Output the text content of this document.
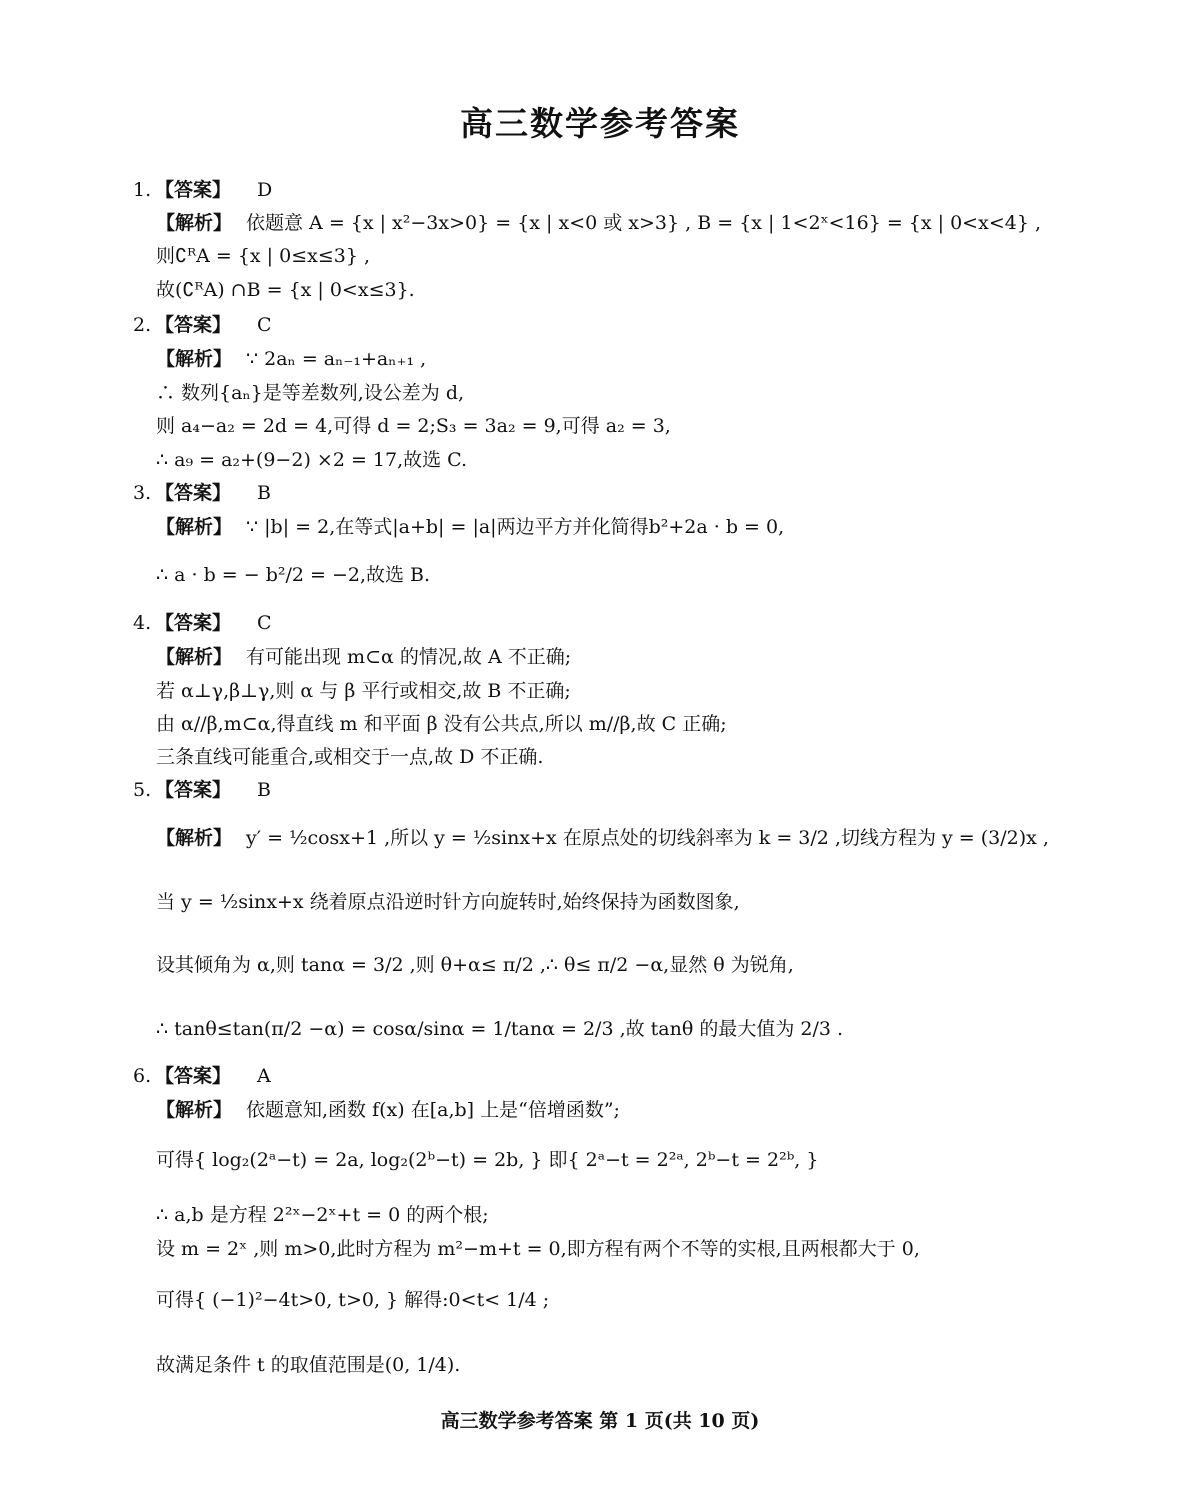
高三数学参考答案
1. 【答案】 D
【解析】 依题意 A = {x | x²−3x>0} = {x | x<0 或 x>3} , B = {x | 1<2ˣ<16} = {x | 0<x<4} ,
则∁ᴿA = {x | 0≤x≤3} ,
故(∁ᴿA) ∩B = {x | 0<x≤3}.
2. 【答案】 C
【解析】 ∵ 2aₙ = aₙ₋₁+aₙ₊₁ ,
∴ 数列{aₙ}是等差数列,设公差为 d,
则 a₄−a₂ = 2d = 4,可得 d = 2;S₃ = 3a₂ = 9,可得 a₂ = 3,
∴ a₉ = a₂+(9−2) ×2 = 17,故选 C.
3. 【答案】 B
【解析】 ∵ |b| = 2,在等式|a+b| = |a|两边平方并化简得b²+2a · b = 0,
∴ a · b = − b²/2 = −2,故选 B.
4. 【答案】 C
【解析】 有可能出现 m⊂α 的情况,故 A 不正确;
若 α⊥γ,β⊥γ,则 α 与 β 平行或相交,故 B 不正确;
由 α//β,m⊂α,得直线 m 和平面 β 没有公共点,所以 m//β,故 C 正确;
三条直线可能重合,或相交于一点,故 D 不正确.
5. 【答案】 B
【解析】 y′ = ½cosx+1 ,所以 y = ½sinx+x 在原点处的切线斜率为 k = 3/2 ,切线方程为 y = (3/2)x ,
当 y = ½sinx+x 绕着原点沿逆时针方向旋转时,始终保持为函数图象,
设其倾角为 α,则 tanα = 3/2 ,则 θ+α≤ π/2 ,∴ θ≤ π/2 −α,显然 θ 为锐角,
∴ tanθ≤tan(π/2 −α) = cosα/sinα = 1/tanα = 2/3 ,故 tanθ 的最大值为 2/3 .
6. 【答案】 A
【解析】 依题意知,函数 f(x) 在[a,b] 上是“倍增函数”;
可得{ log₂(2ᵃ−t) = 2a, log₂(2ᵇ−t) = 2b, } 即{ 2ᵃ−t = 2²ᵃ, 2ᵇ−t = 2²ᵇ, }
∴ a,b 是方程 2²ˣ−2ˣ+t = 0 的两个根;
设 m = 2ˣ ,则 m>0,此时方程为 m²−m+t = 0,即方程有两个不等的实根,且两根都大于 0,
可得{ (−1)²−4t>0, t>0, } 解得:0<t< 1/4 ;
故满足条件 t 的取值范围是(0, 1/4).
高三数学参考答案 第 1 页(共 10 页)
